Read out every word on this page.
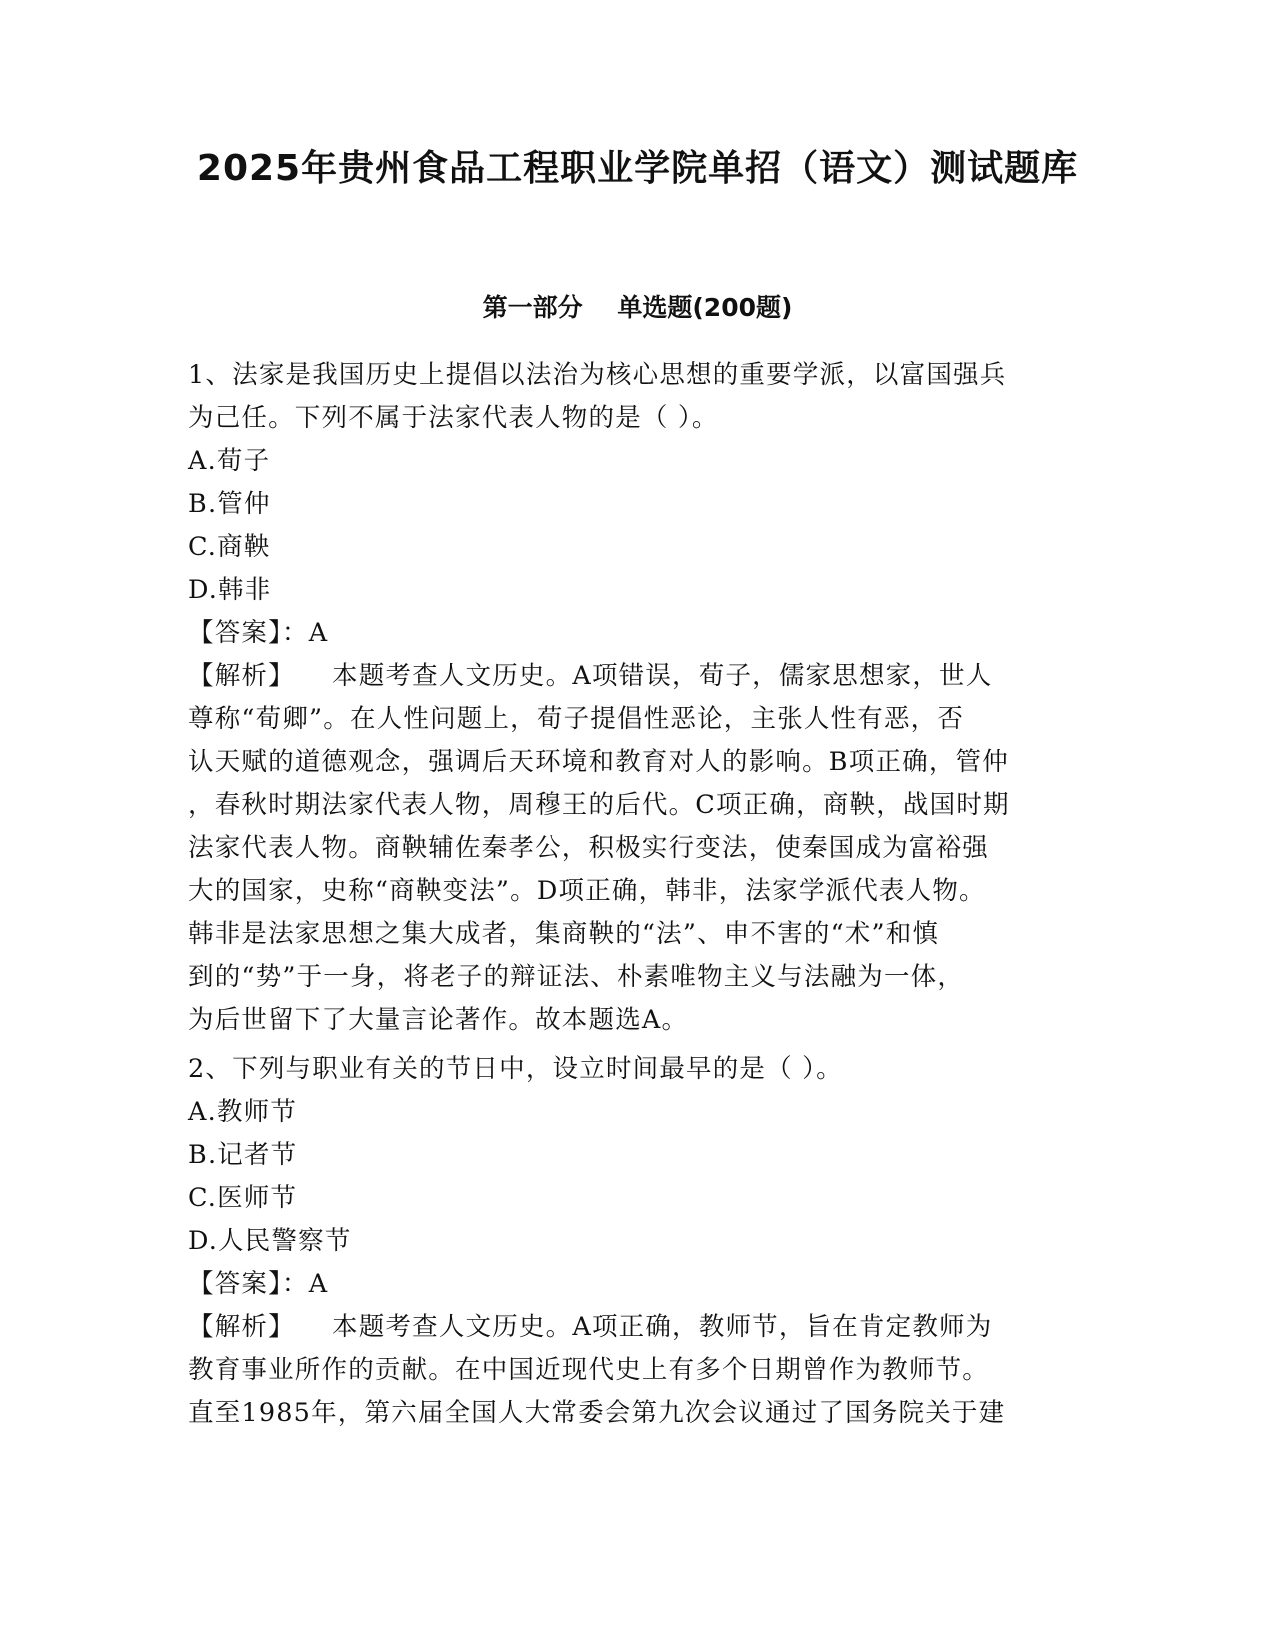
2025年贵州食品工程职业学院单招（语文）测试题库
第一部分    单选题(200题)

1、法家是我国历史上提倡以法治为核心思想的重要学派，以富国强兵

为己任。下列不属于法家代表人物的是（ ）。

A.荀子

B.管仲

C.商鞅

D.韩非

【答案】：A

【解析】    本题考查人文历史。A项错误，荀子，儒家思想家，世人

尊称“荀卿”。在人性问题上，荀子提倡性恶论，主张人性有恶，否

认天赋的道德观念，强调后天环境和教育对人的影响。B项正确，管仲

，春秋时期法家代表人物，周穆王的后代。C项正确，商鞅，战国时期

法家代表人物。商鞅辅佐秦孝公，积极实行变法，使秦国成为富裕强

大的国家，史称“商鞅变法”。D项正确，韩非，法家学派代表人物。

韩非是法家思想之集大成者，集商鞅的“法”、申不害的“术”和慎

到的“势”于一身，将老子的辩证法、朴素唯物主义与法融为一体，

为后世留下了大量言论著作。故本题选A。

2、下列与职业有关的节日中，设立时间最早的是（ ）。

A.教师节

B.记者节

C.医师节

D.人民警察节

【答案】：A

【解析】    本题考查人文历史。A项正确，教师节，旨在肯定教师为

教育事业所作的贡献。在中国近现代史上有多个日期曾作为教师节。

直至1985年，第六届全国人大常委会第九次会议通过了国务院关于建
